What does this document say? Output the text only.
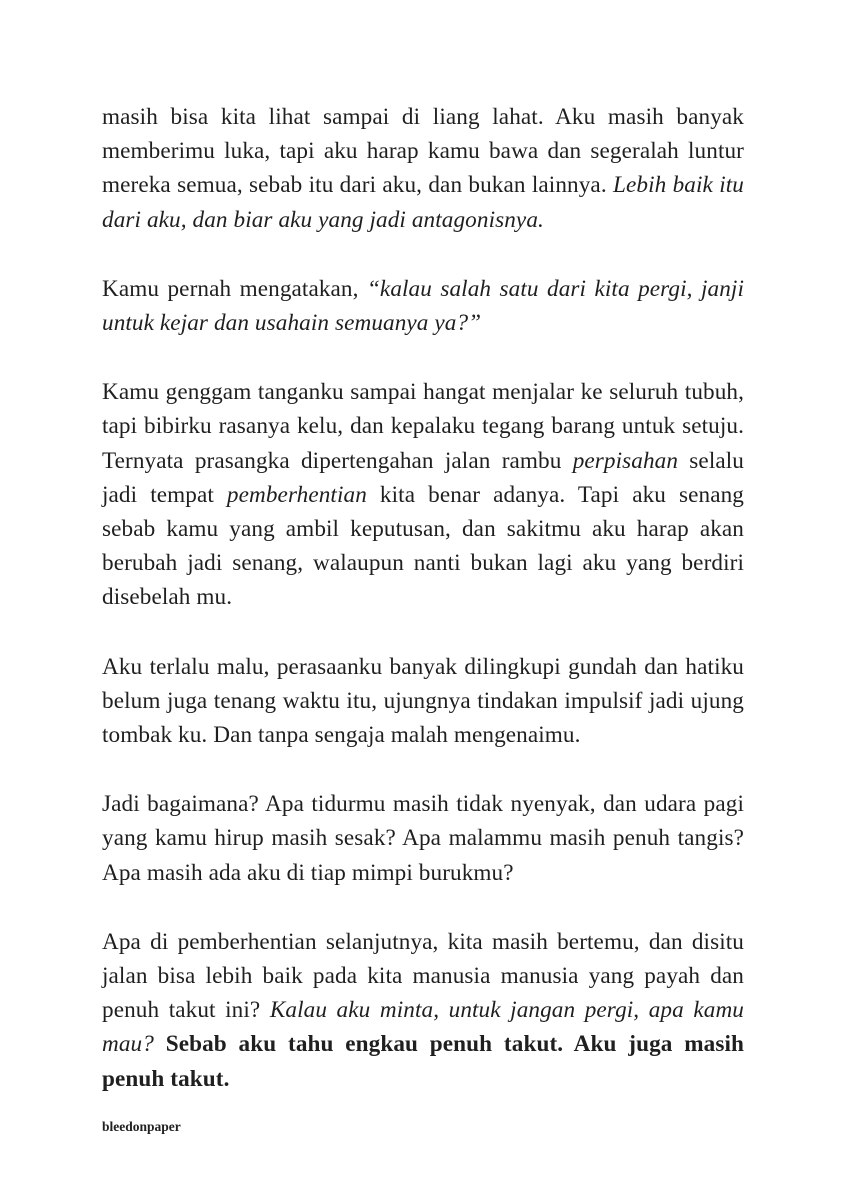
masih bisa kita lihat sampai di liang lahat. Aku masih banyak memberimu luka, tapi aku harap kamu bawa dan segeralah luntur mereka semua, sebab itu dari aku, dan bukan lainnya. Lebih baik itu dari aku, dan biar aku yang jadi antagonisnya.

Kamu pernah mengatakan, “kalau salah satu dari kita pergi, janji untuk kejar dan usahain semuanya ya?”

Kamu genggam tanganku sampai hangat menjalar ke seluruh tubuh, tapi bibirku rasanya kelu, dan kepalaku tegang barang untuk setuju. Ternyata prasangka dipertengahan jalan rambu perpisahan selalu jadi tempat pemberhentian kita benar adanya. Tapi aku senang sebab kamu yang ambil keputusan, dan sakitmu aku harap akan berubah jadi senang, walaupun nanti bukan lagi aku yang berdiri disebelah mu.

Aku terlalu malu, perasaanku banyak dilingkupi gundah dan hatiku belum juga tenang waktu itu, ujungnya tindakan impulsif jadi ujung tombak ku. Dan tanpa sengaja malah mengenaimu.

Jadi bagaimana? Apa tidurmu masih tidak nyenyak, dan udara pagi yang kamu hirup masih sesak? Apa malammu masih penuh tangis? Apa masih ada aku di tiap mimpi burukmu?

Apa di pemberhentian selanjutnya, kita masih bertemu, dan disitu jalan bisa lebih baik pada kita manusia manusia yang payah dan penuh takut ini? Kalau aku minta, untuk jangan pergi, apa kamu mau? Sebab aku tahu engkau penuh takut. Aku juga masih penuh takut.

bleedonpaper
